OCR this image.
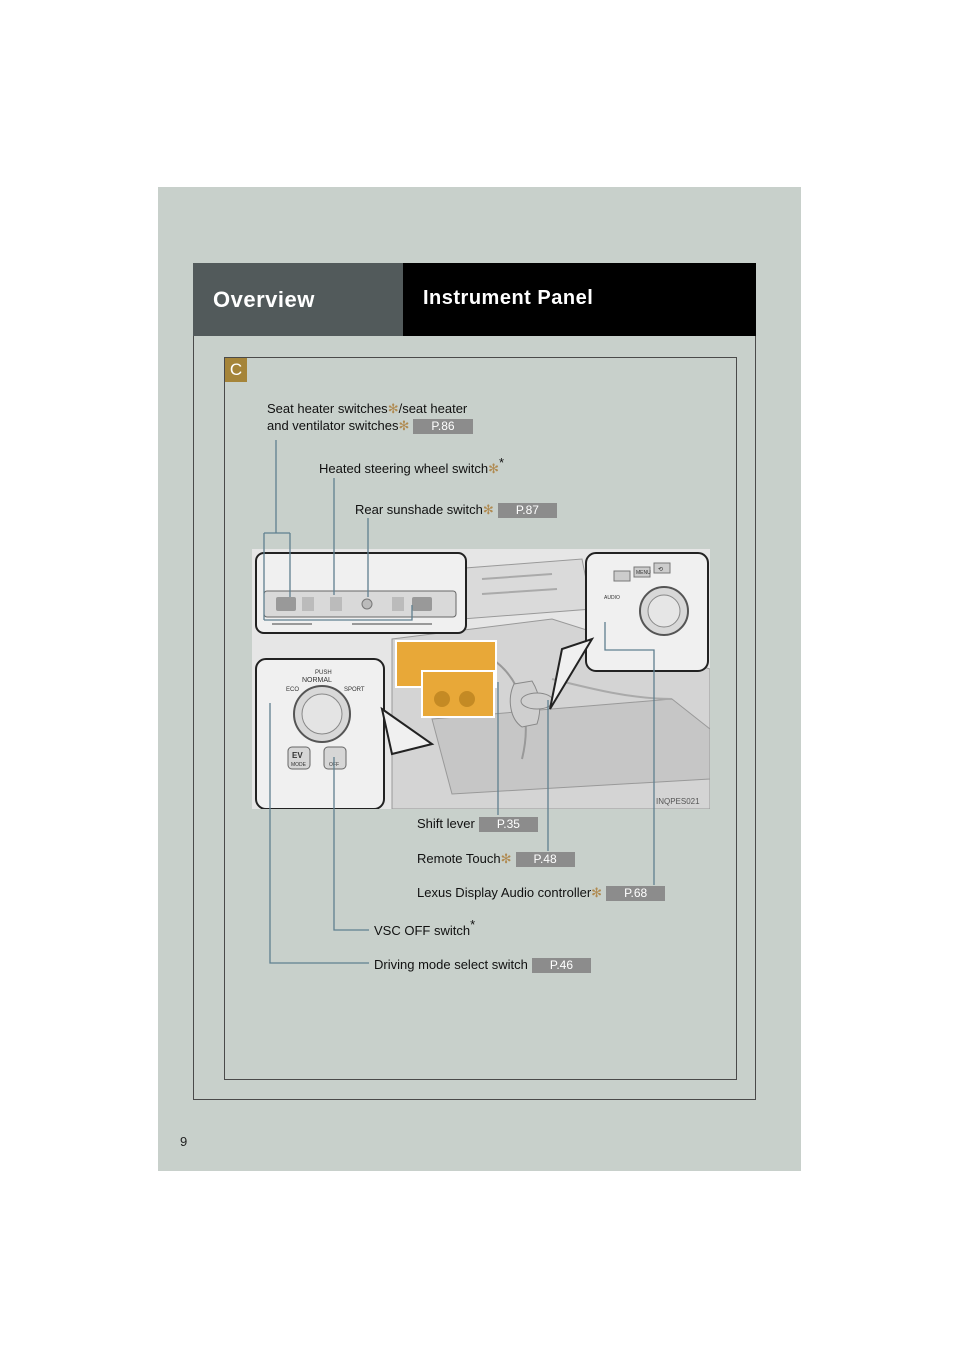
Overview	Instrument Panel
C
PUSH
NORMAL
ECO	SPORT
EV
MODE	OFF
AUDIO
MENU ⟲
INQPES021
Seat heater switches✻/seat heater
and ventilator switches✻ P.86
Heated steering wheel switch✻*
Rear sunshade switch✻ P.87
Shift lever P.35
Remote Touch✻ P.48
Lexus Display Audio controller✻ P.68
VSC OFF switch*
Driving mode select switch P.46
9
